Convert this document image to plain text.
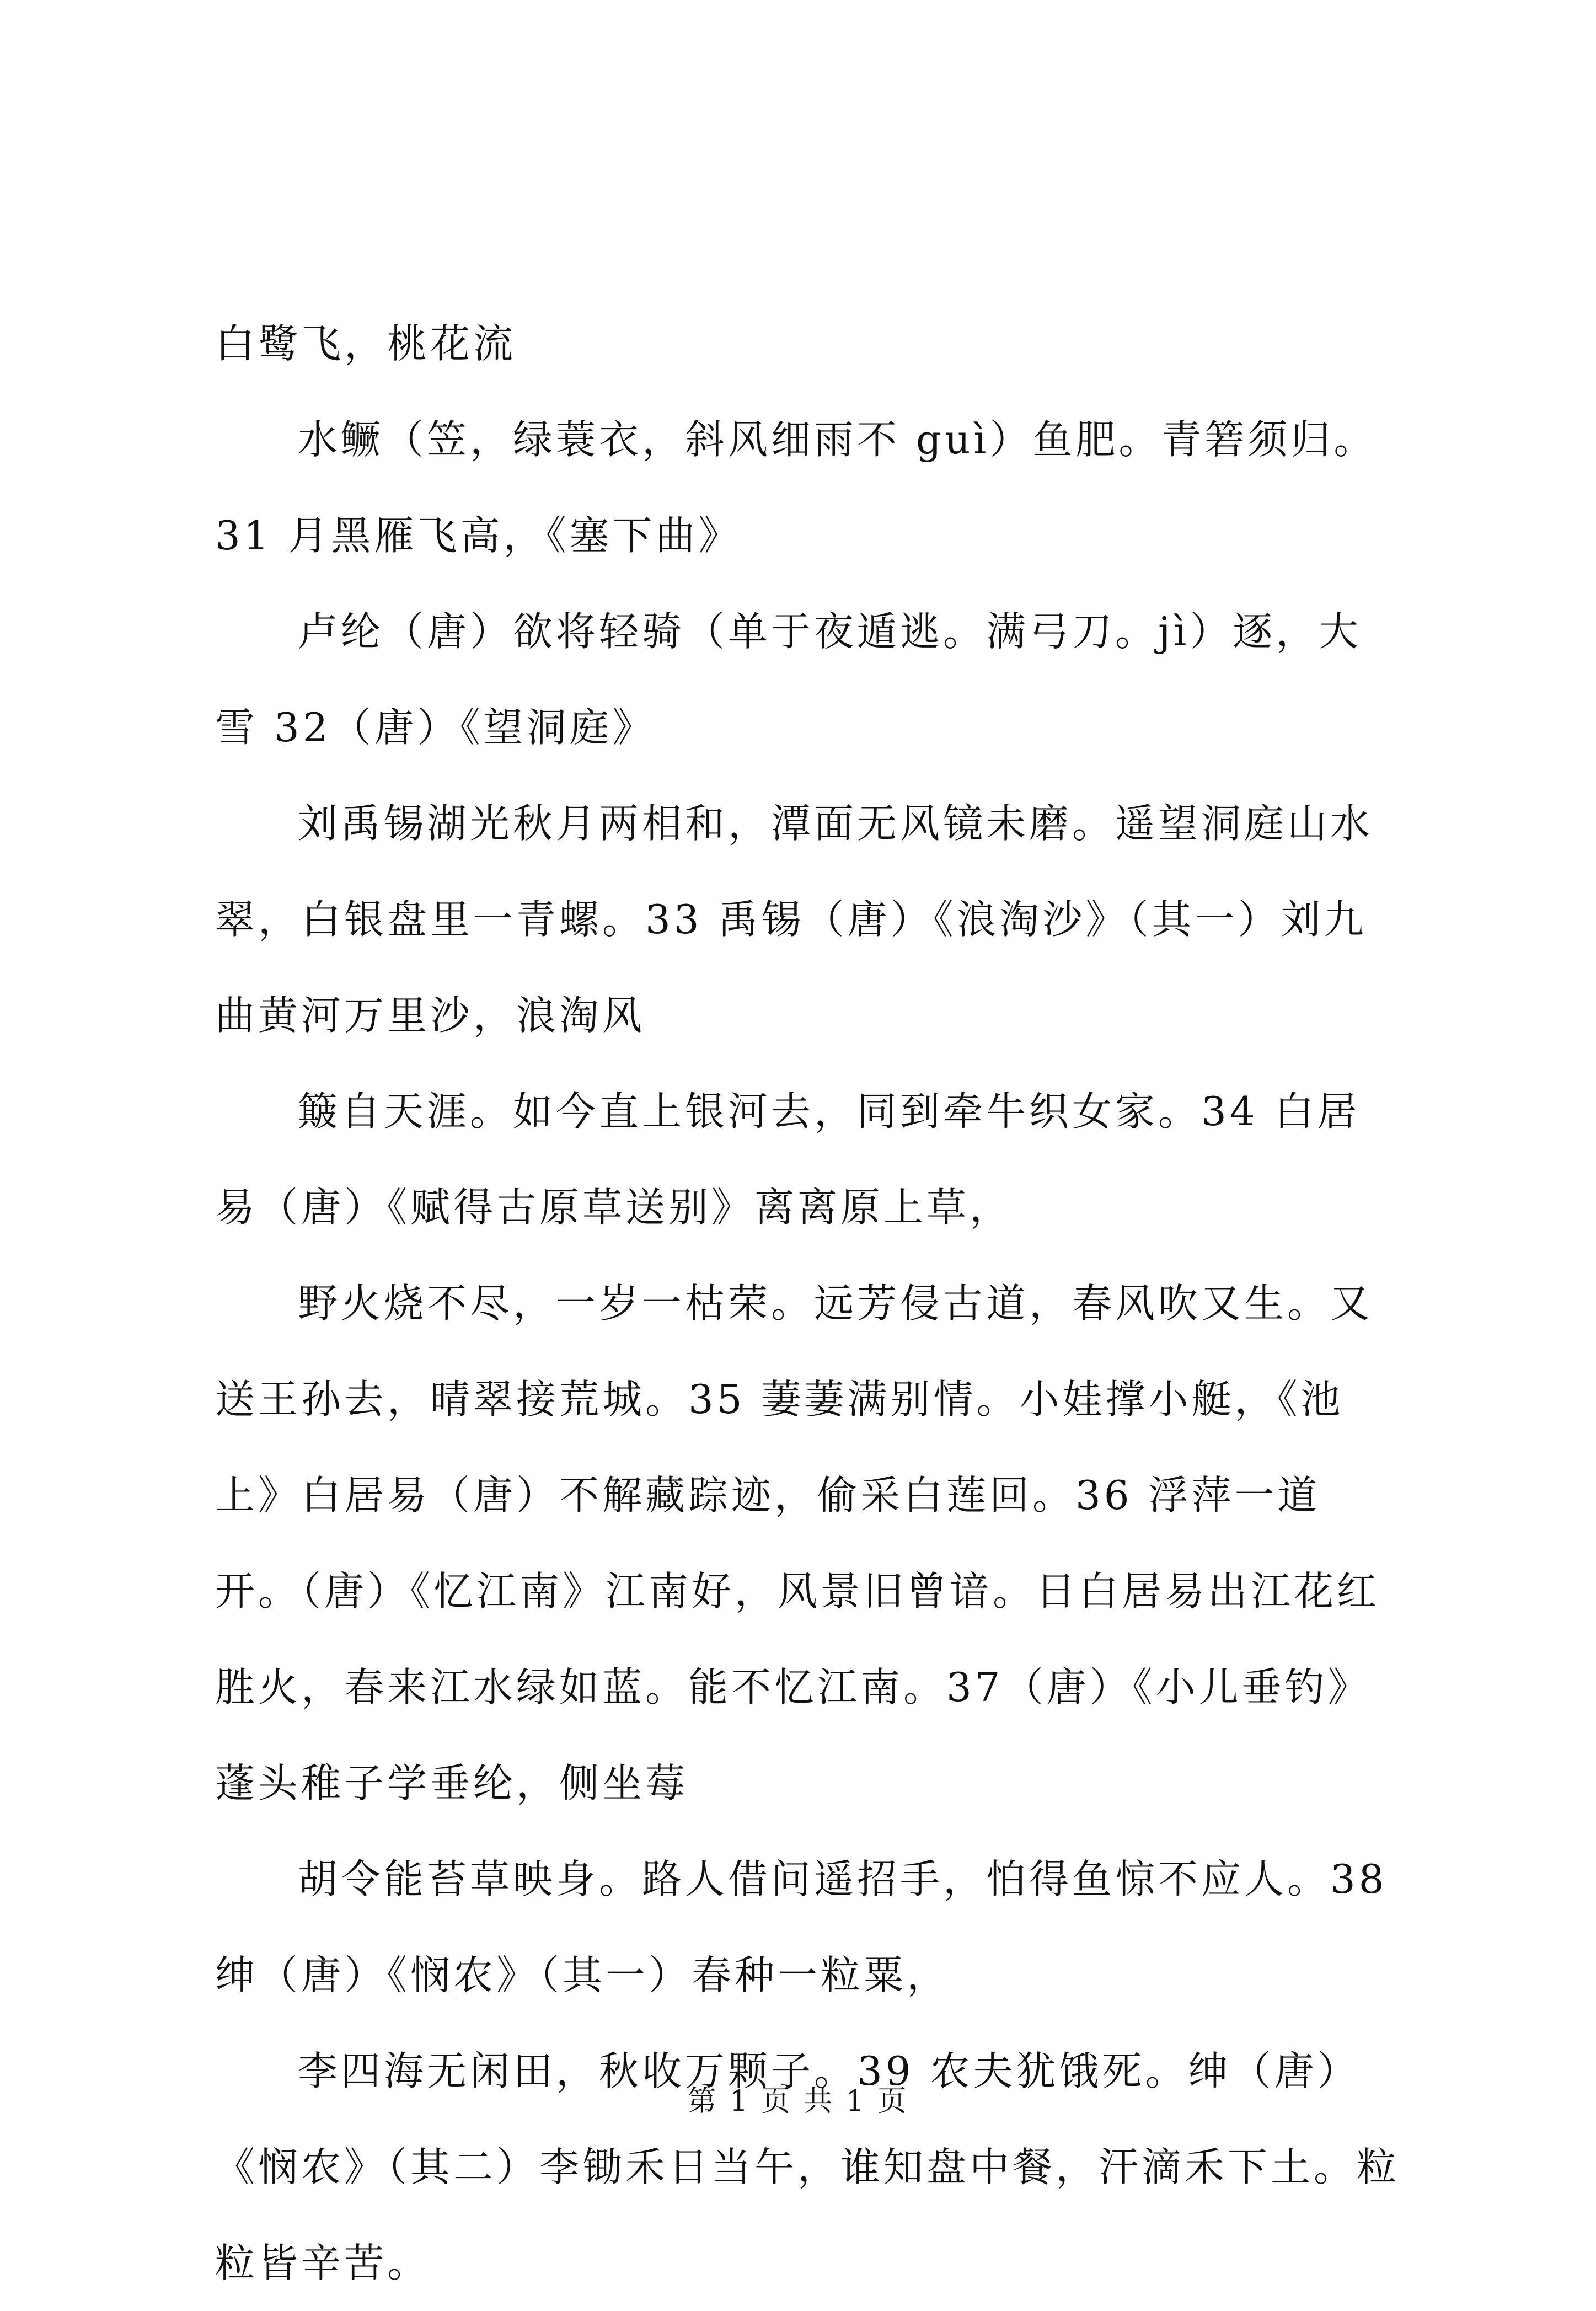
白鹭飞，桃花流

水鳜（笠，绿蓑衣，斜风细雨不 guì）鱼肥。青箬须归。31 月黑雁飞高，《塞下曲》

卢纶（唐）欲将轻骑（单于夜遁逃。满弓刀。jì）逐，大雪 32（唐）《望洞庭》

刘禹锡湖光秋月两相和，潭面无风镜未磨。遥望洞庭山水翠，白银盘里一青螺。33 禹锡（唐）《浪淘沙》（其一）刘九曲黄河万里沙，浪淘风

簸自天涯。如今直上银河去，同到牵牛织女家。34 白居易（唐）《赋得古原草送别》离离原上草，

野火烧不尽，一岁一枯荣。远芳侵古道，春风吹又生。又送王孙去，晴翠接荒城。35 萋萋满别情。小娃撑小艇，《池上》白居易（唐）不解藏踪迹，偷采白莲回。36 浮萍一道开。（唐）《忆江南》江南好，风景旧曾谙。日白居易出江花红胜火，春来江水绿如蓝。能不忆江南。37（唐）《小儿垂钓》蓬头稚子学垂纶，侧坐莓

胡令能苔草映身。路人借问遥招手，怕得鱼惊不应人。38 绅（唐）《悯农》（其一）春种一粒粟，

李四海无闲田，秋收万颗子。39 农夫犹饿死。绅（唐）《悯农》（其二）李锄禾日当午，谁知盘中餐，汗滴禾下土。粒粒皆辛苦。

第 1 页 共 1 页
